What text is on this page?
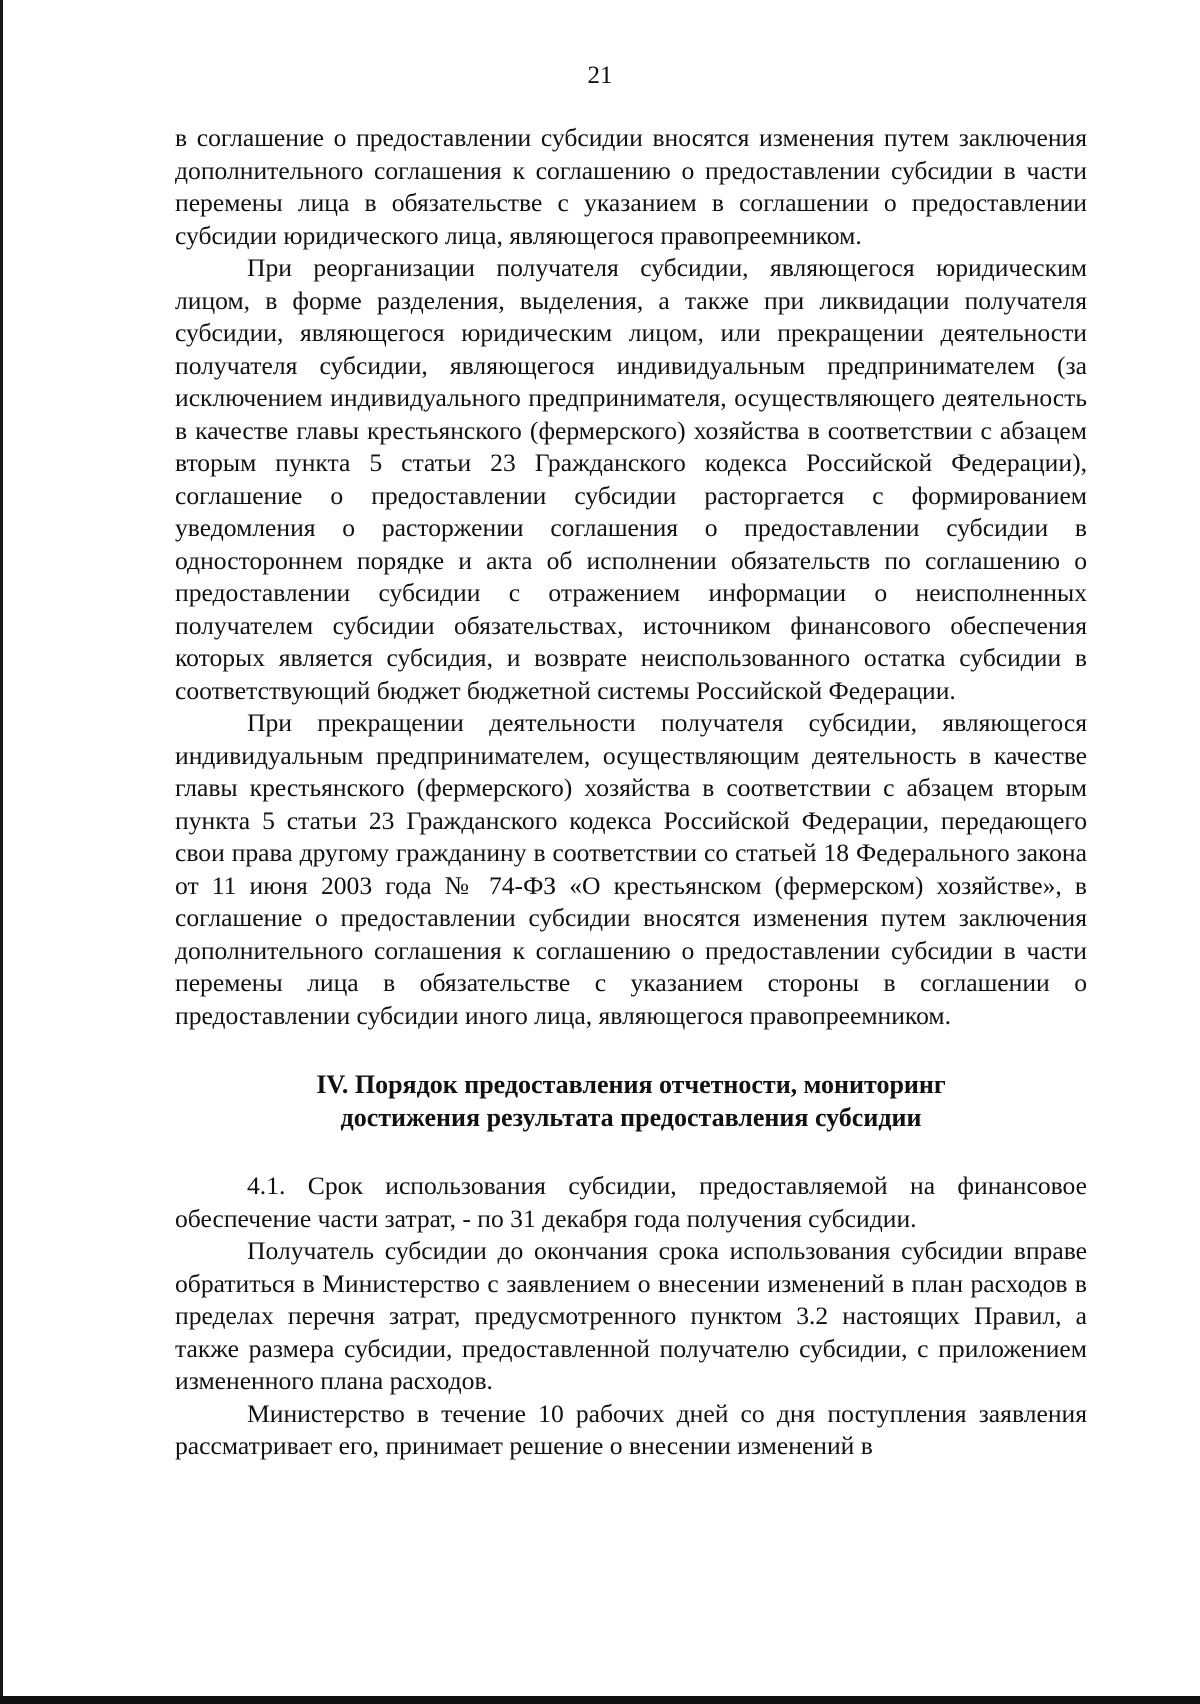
21

в соглашение о предоставлении субсидии вносятся изменения путем заключения дополнительного соглашения к соглашению о предоставлении субсидии в части перемены лица в обязательстве с указанием в соглашении о предоставлении субсидии юридического лица, являющегося правопреемником.

При реорганизации получателя субсидии, являющегося юридическим лицом, в форме разделения, выделения, а также при ликвидации получателя субсидии, являющегося юридическим лицом, или прекращении деятельности получателя субсидии, являющегося индивидуальным предпринимателем (за исключением индивидуального предпринимателя, осуществляющего деятельность в качестве главы крестьянского (фермерского) хозяйства в соответствии с абзацем вторым пункта 5 статьи 23 Гражданского кодекса Российской Федерации), соглашение о предоставлении субсидии расторгается с формированием уведомления о расторжении соглашения о предоставлении субсидии в одностороннем порядке и акта об исполнении обязательств по соглашению о предоставлении субсидии с отражением информации о неисполненных получателем субсидии обязательствах, источником финансового обеспечения которых является субсидия, и возврате неиспользованного остатка субсидии в соответствующий бюджет бюджетной системы Российской Федерации.

При прекращении деятельности получателя субсидии, являющегося индивидуальным предпринимателем, осуществляющим деятельность в качестве главы крестьянского (фермерского) хозяйства в соответствии с абзацем вторым пункта 5 статьи 23 Гражданского кодекса Российской Федерации, передающего свои права другому гражданину в соответствии со статьей 18 Федерального закона от 11 июня 2003 года № 74-ФЗ «О крестьянском (фермерском) хозяйстве», в соглашение о предоставлении субсидии вносятся изменения путем заключения дополнительного соглашения к соглашению о предоставлении субсидии в части перемены лица в обязательстве с указанием стороны в соглашении о предоставлении субсидии иного лица, являющегося правопреемником.

IV. Порядок предоставления отчетности, мониторинг
достижения результата предоставления субсидии

4.1. Срок использования субсидии, предоставляемой на финансовое обеспечение части затрат, - по 31 декабря года получения субсидии.

Получатель субсидии до окончания срока использования субсидии вправе обратиться в Министерство с заявлением о внесении изменений в план расходов в пределах перечня затрат, предусмотренного пунктом 3.2 настоящих Правил, а также размера субсидии, предоставленной получателю субсидии, с приложением измененного плана расходов.

Министерство в течение 10 рабочих дней со дня поступления заявления рассматривает его, принимает решение о внесении изменений в
